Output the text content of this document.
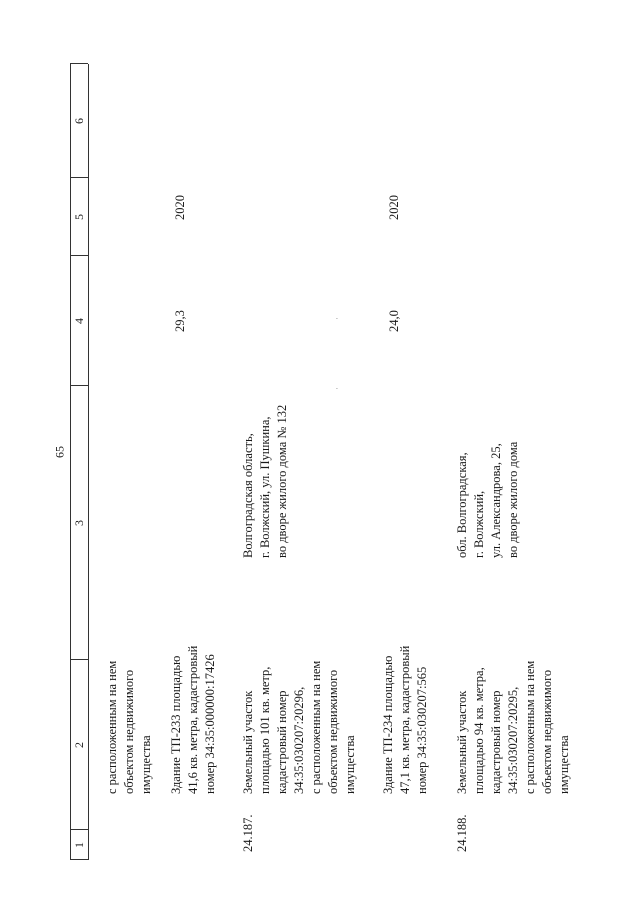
65
1
2
3
4
5
6
с расположенным на нем объектом недвижимого имущества Здание ТП-233 площадью 41,6 кв. метра, кадастровый номер 34:35:000000:17426
29,3
2020
24.187.
Земельный участок площадью 101 кв. метр, кадастровый номер 34:35:030207:20296, с расположенным на нем объектом недвижимого имущества
Волгоградская область, г. Волжский, ул. Пушкина, во дворе жилого дома № 132
Здание ТП-234 площадью 47,1 кв. метра, кадастровый номер 34:35:030207:565
24,0
2020
24.188.
Земельный участок площадью 94 кв. метра, кадастровый номер 34:35:030207:20295, с расположенным на нем объектом недвижимого имущества
обл. Волгоградская, г. Волжский, ул. Александрова, 25, во дворе жилого дома
·
·
